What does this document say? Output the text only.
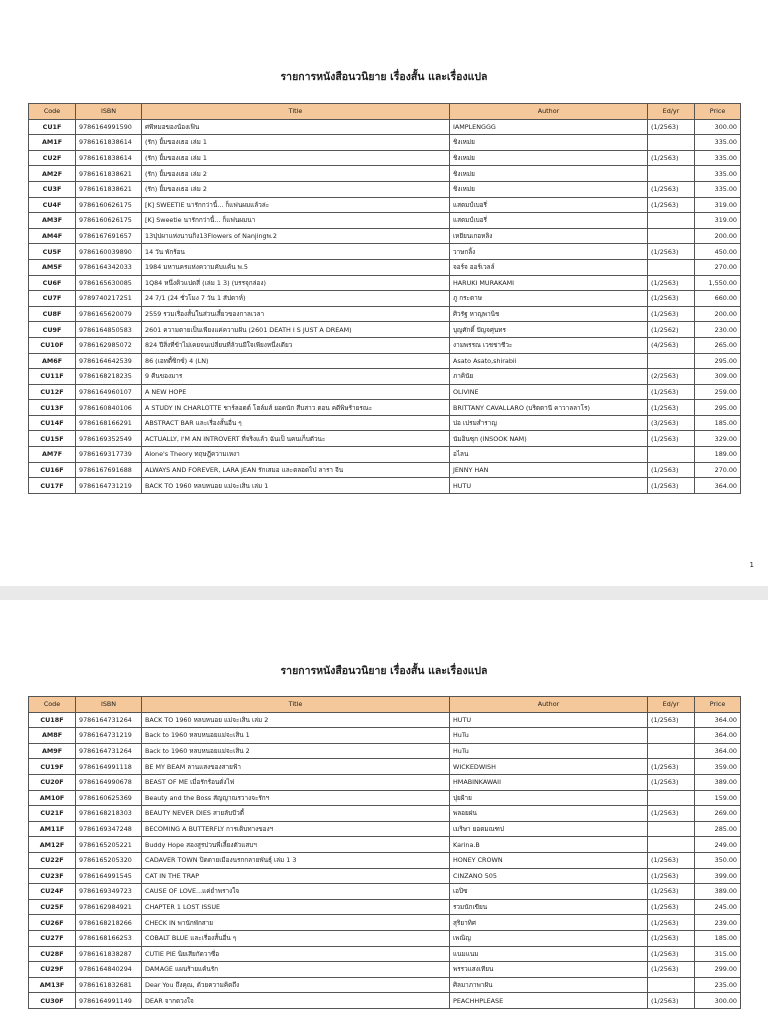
รายการหนังสือนวนิยาย เรื่องสั้น และเรื่องแปล
Code	ISBN	Title	Author	Ed/yr	Price
CU1F	9786164991590	ศพีหมอของน้องเฟิน	IAMPLENGGG	(1/2563)	300.00
AM1F	9786161838614	(รัก) ยิ้มของเธอ เล่ม 1	ชิงเหม่ย		335.00
CU2F	9786161838614	(รัก) ยิ้มของเธอ เล่ม 1	ชิงเหม่ย	(1/2563)	335.00
AM2F	9786161838621	(รัก) ยิ้มของเธอ เล่ม 2	ชิงเหม่ย		335.00
CU3F	9786161838621	(รัก) ยิ้มของเธอ เล่ม 2	ชิงเหม่ย	(1/2563)	335.00
CU4F	9786160626175	[K] SWEETIE นารักกว่านี้... ก็แฟนผมแล้วล่ะ	แสตมป์เบอรี่	(1/2563)	319.00
AM3F	9786160626175	[K] Sweetie นารักกว่านี้... ก็แฟนผมนา	แสตมป์เบอรี่		319.00
AM4F	9786167691657	13ปุปผาแห่งนานกิง13Flowers of Nanjingพ.2	เหยียนเกอหลิง		200.00
CU5F	9786160039890	14 วัน พักร้อน	วาษกลิ้ง	(1/2563)	450.00
AM5F	9786164342033	1984 มหานครแห่งความคับแค้น พ.5	จอร์จ ออร์เวลล์		270.00
CU6F	9786165630085	1Q84 หนึ่งคิวแปดสี่ (เล่ม 1 3) (บรรจุกล่อง)	HARUKI MURAKAMI	(1/2563)	1,550.00
CU7F	9789740217251	24 7/1 (24 ชั่วโมง 7 วัน 1 สัปดาห์)	ภู กระดาษ	(1/2563)	660.00
CU8F	9786165620079	2559 รวมเรื่องสั้นในส่วนเสี้ยวของกาลเวลา	ศิวรัฐ หาญพานิช	(1/2563)	200.00
CU9F	9786164850583	2601 ความตายเป็นเพียงแค่ความฝัน (2601 DEATH I S JUST A DREAM)	บุญศักดิ์ ปัญจศุนทร	(1/2562)	230.00
CU10F	9786162985072	824 ปีสิ่งที่ข้าไม่เคยจนเปลี่ยนที่ล้วนมีใจเพียงหนึ่งเดียว	งามพรรณ เวชชาชีวะ	(4/2563)	265.00
AM6F	9786164642539	86 (เอทตี้ซิกซ์) 4 (LN)	Asato Asato,shirabii		295.00
CU11F	9786168218235	9 คืนของมาร	ภาคินัย	(2/2563)	309.00
CU12F	9786164960107	A NEW HOPE	OLIVINE	(1/2563)	259.00
CU13F	9786160840106	A STUDY IN CHARLOTTE ชาร์ลอตต์ โฮล์มส์ ยอดนัก สืบสาว ตอน คดีพิษร้ายรณะ	BRITTANY CAVALLARO (บริตตานี คาวาลลาโร)	(1/2563)	295.00
CU14F	9786168166291	ABSTRACT BAR และเรื่องสั้นอื่น ๆ	ปอ เปรมสำราญ	(3/2563)	185.00
CU15F	9786169352549	ACTUALLY, I'M AN INTROVERT ที่จริงแล้ว ฉันเป็ นคนเก็บตัวนะ	นัมอินซุก (INSOOK NAM)	(1/2563)	329.00
AM7F	9786169317739	Alone's Theory ทฤษฎีความเหงา	อไลน		189.00
CU16F	9786167691688	ALWAYS AND FOREVER, LARA JEAN รักเสมอ และตลอดไป ลารา จีน	JENNY HAN	(1/2563)	270.00
CU17F	9786164731219	BACK TO 1960 หลบหนอย แม่จะเสิน เล่ม 1	HUTU	(1/2563)	364.00
1
รายการหนังสือนวนิยาย เรื่องสั้น และเรื่องแปล
Code	ISBN	Title	Author	Ed/yr	Price
CU18F	9786164731264	BACK TO 1960 หลบหนอย แม่จะเสิน เล่ม 2	HUTU	(1/2563)	364.00
AM8F	9786164731219	Back to 1960 หลบหนอยแม่จะเสิน 1	HuTu		364.00
AM9F	9786164731264	Back to 1960 หลบหนอยแม่จะเสิน 2	HuTu		364.00
CU19F	9786164991118	BE MY BEAM ลานแสงของสายฟ้า	WICKEDWISH	(1/2563)	359.00
CU20F	9786164990678	BEAST OF ME เมื่อรักร้อนดั่งไฟ	HMABINKAWAII	(1/2563)	389.00
AM10F	9786160625369	Beauty and the Boss สัญญาณรวางจะรักฯ	ปุยฝ้าย		159.00
CU21F	9786168218303	BEAUTY NEVER DIES สายลับบีวตี้	พลอยฝน	(1/2563)	269.00
AM11F	9786169347248	BECOMING A BUTTERFLY การเติบทางของฯ	เมริษา ยอดมณฑป		285.00
AM12F	9786165205221	Buddy Hope สองสูรปวนพี่เลี้ยงตัวแสบฯ	Karina.B		249.00
CU22F	9786165205320	CADAVER TOWN ปิดตายเมืองนรกกลายพันธุ์ เล่ม 1 3	HONEY CROWN	(1/2563)	350.00
CU23F	9786164991545	CAT IN THE TRAP	CINZANO 505	(1/2563)	399.00
CU24F	9786169349723	CAUSE OF LOVE...แค่ยำพรางใจ	เอปิซ	(1/2563)	389.00
CU25F	9786162984921	CHAPTER 1 LOST ISSUE	รวมนักเขียน	(1/2563)	245.00
CU26F	9786168218266	CHECK IN พานักพักสาย	สุริยาทิศ	(1/2563)	239.00
CU27F	9786168166253	COBALT BLUE และเรื่องสั้นอื่น ๆ	เพณิญ	(1/2563)	185.00
CU28F	9786161838287	CUTIE PIE นิยเสียกัดวาซื่อ	แนมแนม	(1/2563)	315.00
CU29F	9786164840294	DAMAGE แผนร้ายแค้นรัก	พรรวแสงเทียน	(1/2563)	299.00
AM13F	9786161832681	Dear You ถึงคุณ, ด้วยความคิดถึง	ศิลมาภาพาฝัน		235.00
CU30F	9786164991149	DEAR จากดวงใจ	PEACHHPLEASE	(1/2563)	300.00
